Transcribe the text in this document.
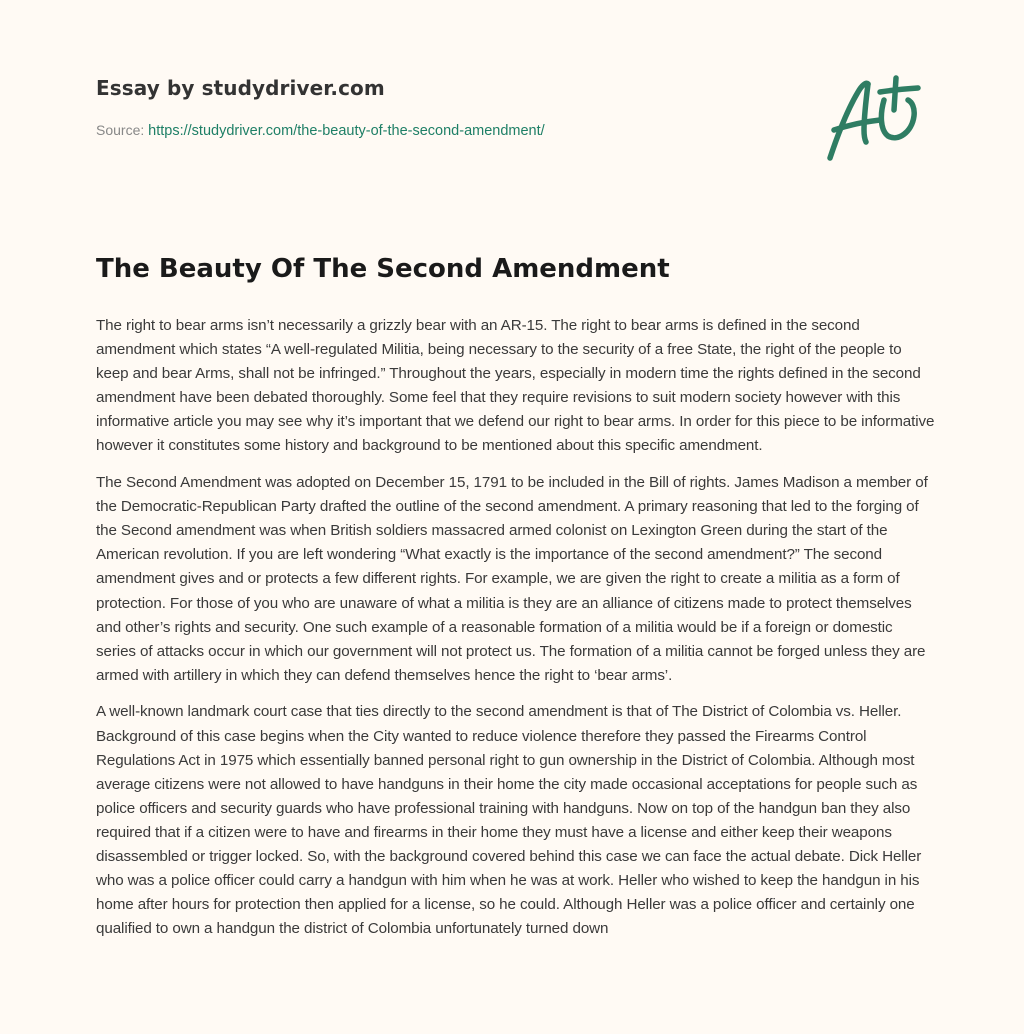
Essay by studydriver.com
Source: https://studydriver.com/the-beauty-of-the-second-amendment/
The Beauty Of The Second Amendment

The right to bear arms isn’t necessarily a grizzly bear with an AR-15. The right to bear arms is defined in the second amendment which states “A well-regulated Militia, being necessary to the security of a free State, the right of the people to keep and bear Arms, shall not be infringed.” Throughout the years, especially in modern time the rights defined in the second amendment have been debated thoroughly. Some feel that they require revisions to suit modern society however with this informative article you may see why it’s important that we defend our right to bear arms. In order for this piece to be informative however it constitutes some history and background to be mentioned about this specific amendment.

The Second Amendment was adopted on December 15, 1791 to be included in the Bill of rights. James Madison a member of the Democratic-Republican Party drafted the outline of the second amendment. A primary reasoning that led to the forging of the Second amendment was when British soldiers massacred armed colonist on Lexington Green during the start of the American revolution. If you are left wondering “What exactly is the importance of the second amendment?” The second amendment gives and or protects a few different rights. For example, we are given the right to create a militia as a form of protection. For those of you who are unaware of what a militia is they are an alliance of citizens made to protect themselves and other’s rights and security. One such example of a reasonable formation of a militia would be if a foreign or domestic series of attacks occur in which our government will not protect us. The formation of a militia cannot be forged unless they are armed with artillery in which they can defend themselves hence the right to ‘bear arms’.

A well-known landmark court case that ties directly to the second amendment is that of The District of Colombia vs. Heller. Background of this case begins when the City wanted to reduce violence therefore they passed the Firearms Control Regulations Act in 1975 which essentially banned personal right to gun ownership in the District of Colombia. Although most average citizens were not allowed to have handguns in their home the city made occasional acceptations for people such as police officers and security guards who have professional training with handguns. Now on top of the handgun ban they also required that if a citizen were to have and firearms in their home they must have a license and either keep their weapons disassembled or trigger locked. So, with the background covered behind this case we can face the actual debate. Dick Heller who was a police officer could carry a handgun with him when he was at work. Heller who wished to keep the handgun in his home after hours for protection then applied for a license, so he could. Although Heller was a police officer and certainly one qualified to own a handgun the district of Colombia unfortunately turned down
